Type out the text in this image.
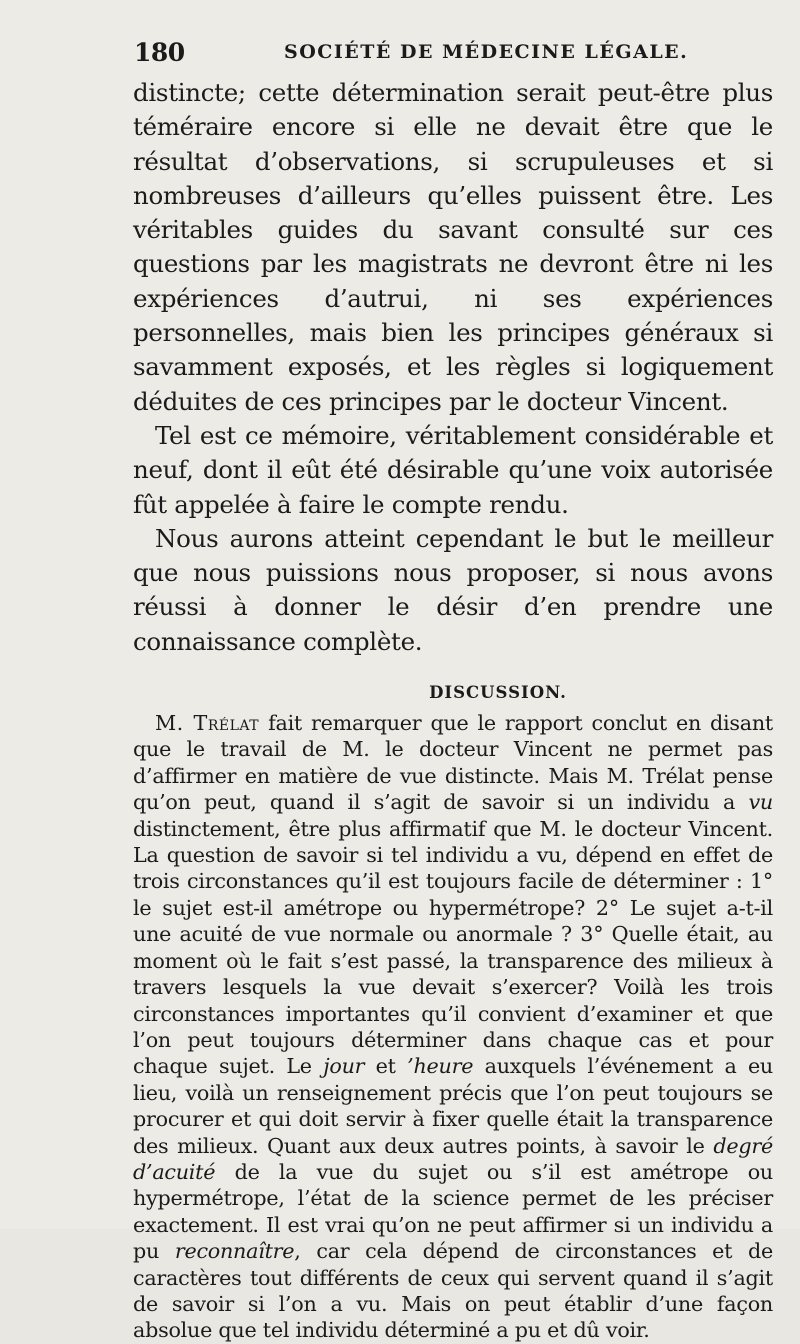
180	SOCIÉTÉ DE MÉDECINE LÉGALE.

distincte; cette détermination serait peut-être plus téméraire encore si elle ne devait être que le résultat d’observations, si scrupuleuses et si nombreuses d’ailleurs qu’elles puissent être. Les véritables guides du savant consulté sur ces questions par les magistrats ne devront être ni les expériences d’autrui, ni ses expériences personnelles, mais bien les principes généraux si savamment exposés, et les règles si logiquement déduites de ces principes par le docteur Vincent.

Tel est ce mémoire, véritablement considérable et neuf, dont il eût été désirable qu’une voix autorisée fût appelée à faire le compte rendu.

Nous aurons atteint cependant le but le meilleur que nous puissions nous proposer, si nous avons réussi à donner le désir d’en prendre une connaissance complète.

DISCUSSION.

M. Trélat fait remarquer que le rapport conclut en disant que le travail de M. le docteur Vincent ne permet pas d’affirmer en matière de vue distincte. Mais M. Trélat pense qu’on peut, quand il s’agit de savoir si un individu a vu distinctement, être plus affirmatif que M. le docteur Vincent. La question de savoir si tel individu a vu, dépend en effet de trois circonstances qu’il est toujours facile de déterminer : 1° le sujet est-il amétrope ou hypermétrope? 2° Le sujet a-t-il une acuité de vue normale ou anormale ? 3° Quelle était, au moment où le fait s’est passé, la transparence des milieux à travers lesquels la vue devait s’exercer? Voilà les trois circonstances importantes qu’il convient d’examiner et que l’on peut toujours déterminer dans chaque cas et pour chaque sujet. Le jour et ’heure auxquels l’événement a eu lieu, voilà un renseignement précis que l’on peut toujours se procurer et qui doit servir à fixer quelle était la transparence des milieux. Quant aux deux autres points, à savoir le degré d’acuité de la vue du sujet ou s’il est amétrope ou hypermétrope, l’état de la science permet de les préciser exactement. Il est vrai qu’on ne peut affirmer si un individu a pu reconnaître, car cela dépend de circonstances et de caractères tout différents de ceux qui servent quand il s’agit de savoir si l’on a vu. Mais on peut établir d’une façon absolue que tel individu déterminé a pu et dû voir.
